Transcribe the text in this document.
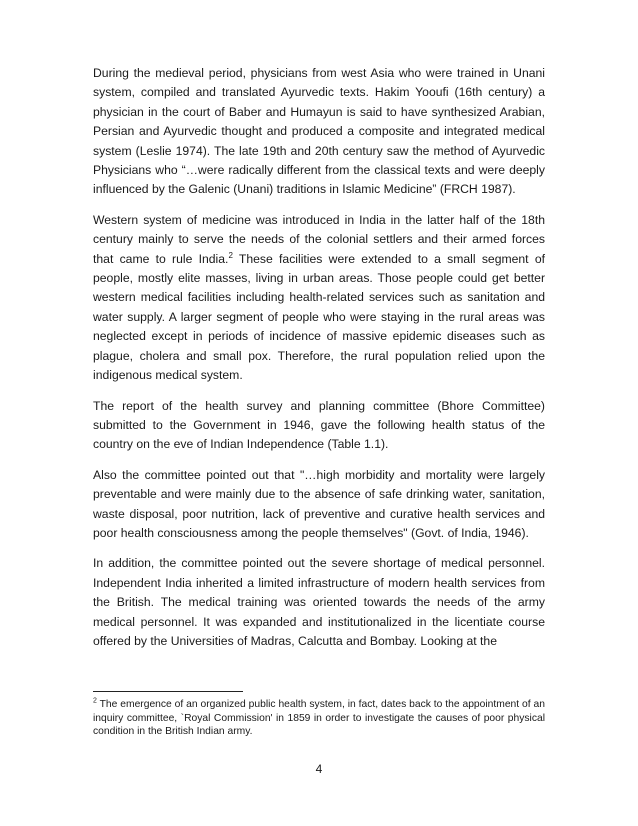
During the medieval period, physicians from west Asia who were trained in Unani system, compiled and translated Ayurvedic texts. Hakim Yooufi (16th century) a physician in the court of Baber and Humayun is said to have synthesized Arabian, Persian and Ayurvedic thought and produced a composite and integrated medical system (Leslie 1974). The late 19th and 20th century saw the method of Ayurvedic Physicians who “…were radically different from the classical texts and were deeply influenced by the Galenic (Unani) traditions in Islamic Medicine” (FRCH 1987).

Western system of medicine was introduced in India in the latter half of the 18th century mainly to serve the needs of the colonial settlers and their armed forces that came to rule India.$^2$ These facilities were extended to a small segment of people, mostly elite masses, living in urban areas. Those people could get better western medical facilities including health-related services such as sanitation and water supply. A larger segment of people who were staying in the rural areas was neglected except in periods of incidence of massive epidemic diseases such as plague, cholera and small pox. Therefore, the rural population relied upon the indigenous medical system.

The report of the health survey and planning committee (Bhore Committee) submitted to the Government in 1946, gave the following health status of the country on the eve of Indian Independence (Table 1.1).

Also the committee pointed out that "…high morbidity and mortality were largely preventable and were mainly due to the absence of safe drinking water, sanitation, waste disposal, poor nutrition, lack of preventive and curative health services and poor health consciousness among the people themselves" (Govt. of India, 1946).

In addition, the committee pointed out the severe shortage of medical personnel. Independent India inherited a limited infrastructure of modern health services from the British. The medical training was oriented towards the needs of the army medical personnel. It was expanded and institutionalized in the licentiate course offered by the Universities of Madras, Calcutta and Bombay. Looking at the

$^2$ The emergence of an organized public health system, in fact, dates back to the appointment of an inquiry committee, `Royal Commission' in 1859 in order to investigate the causes of poor physical condition in the British Indian army.

4
